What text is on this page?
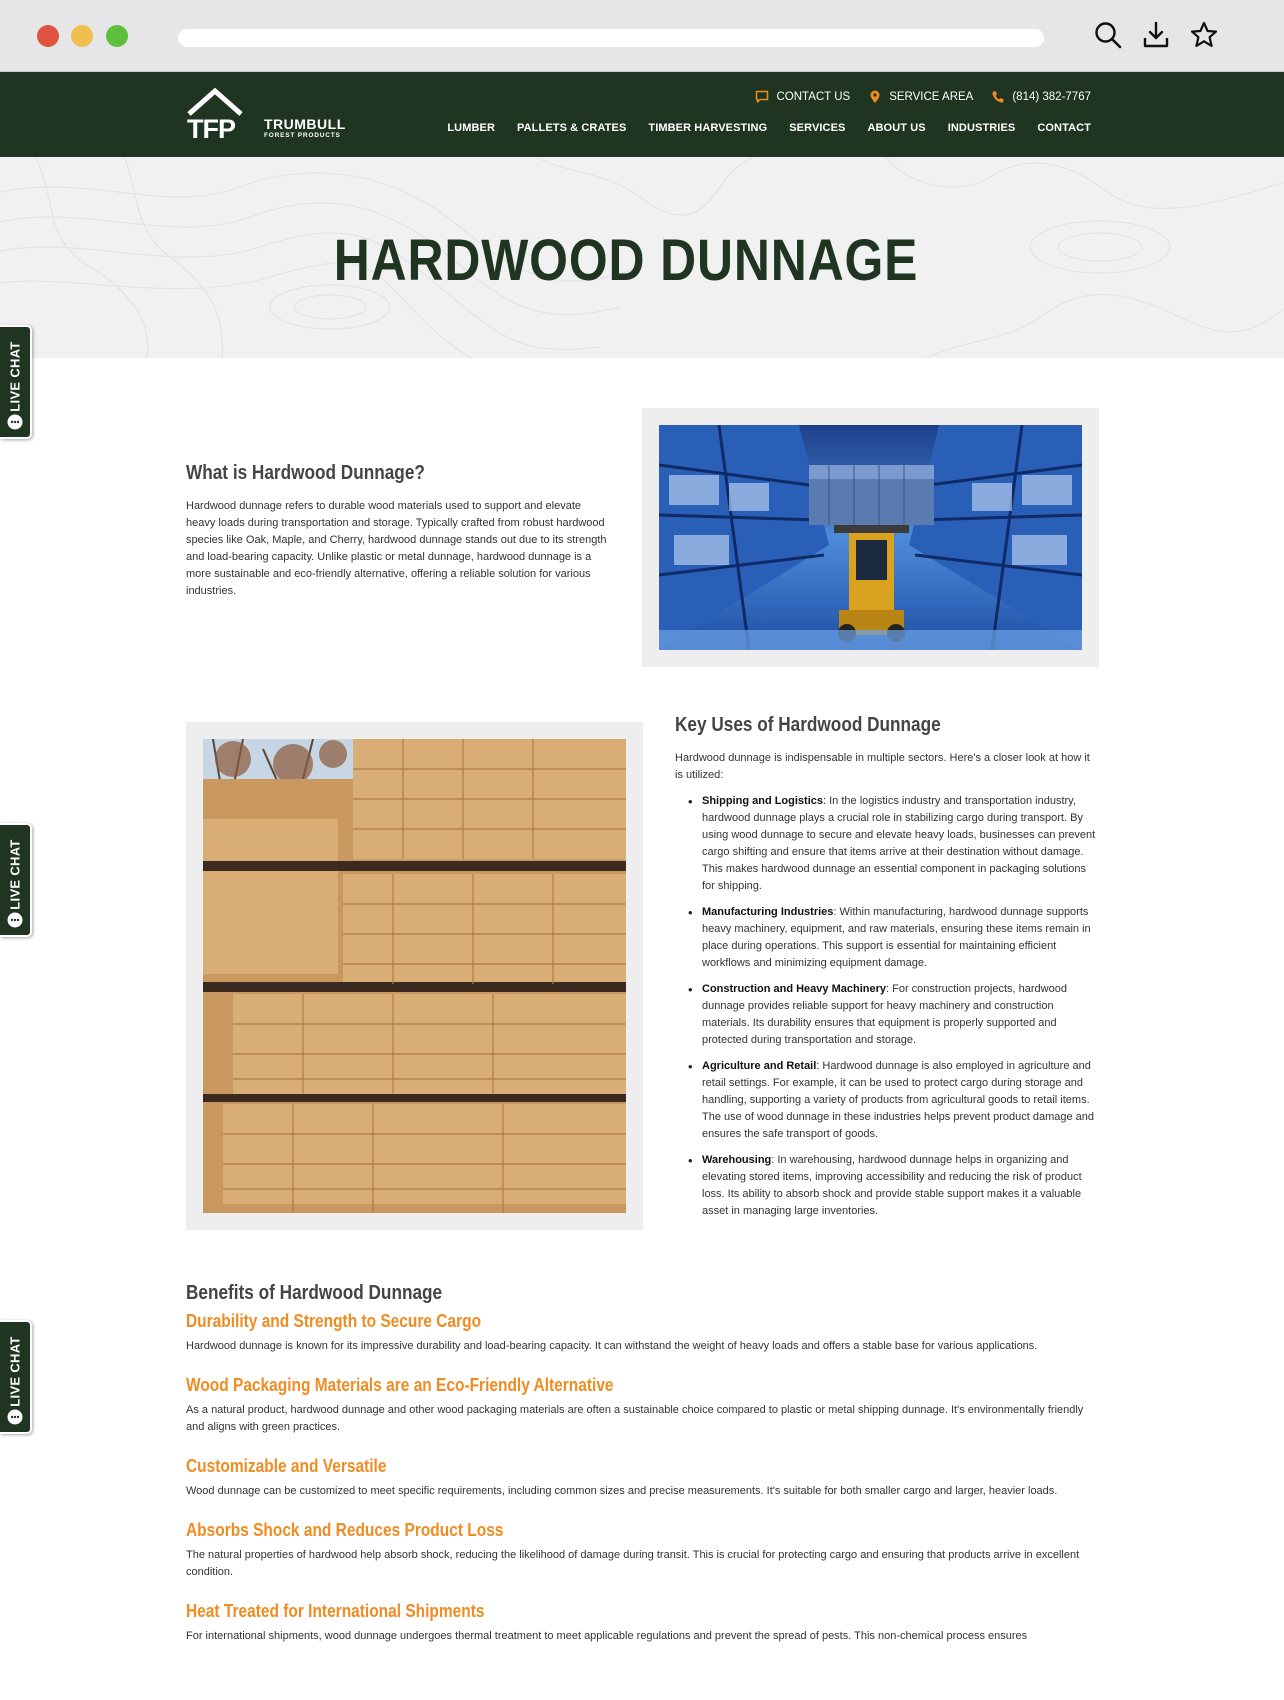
TFP TRUMBULL
FOREST PRODUCTS
CONTACT US	SERVICE AREA	(814) 382-7767
LUMBER PALLETS & CRATES TIMBER HARVESTING SERVICES ABOUT US INDUSTRIES CONTACT
HARDWOOD DUNNAGE
LIVE CHAT
LIVE CHAT
LIVE CHAT
What is Hardwood Dunnage?

Hardwood dunnage refers to durable wood materials used to support and elevate heavy loads during transportation and storage. Typically crafted from robust hardwood species like Oak, Maple, and Cherry, hardwood dunnage stands out due to its strength and load-bearing capacity. Unlike plastic or metal dunnage, hardwood dunnage is a more sustainable and eco-friendly alternative, offering a reliable solution for various industries.

Key Uses of Hardwood Dunnage

Hardwood dunnage is indispensable in multiple sectors. Here's a closer look at how it is utilized:

• Shipping and Logistics: In the logistics industry and transportation industry, hardwood dunnage plays a crucial role in stabilizing cargo during transport. By using wood dunnage to secure and elevate heavy loads, businesses can prevent cargo shifting and ensure that items arrive at their destination without damage. This makes hardwood dunnage an essential component in packaging solutions for shipping.
• Manufacturing Industries: Within manufacturing, hardwood dunnage supports heavy machinery, equipment, and raw materials, ensuring these items remain in place during operations. This support is essential for maintaining efficient workflows and minimizing equipment damage.
• Construction and Heavy Machinery: For construction projects, hardwood dunnage provides reliable support for heavy machinery and construction materials. Its durability ensures that equipment is properly supported and protected during transportation and storage.
• Agriculture and Retail: Hardwood dunnage is also employed in agriculture and retail settings. For example, it can be used to protect cargo during storage and handling, supporting a variety of products from agricultural goods to retail items. The use of wood dunnage in these industries helps prevent product damage and ensures the safe transport of goods.
• Warehousing: In warehousing, hardwood dunnage helps in organizing and elevating stored items, improving accessibility and reducing the risk of product loss. Its ability to absorb shock and provide stable support makes it a valuable asset in managing large inventories.
Benefits of Hardwood Dunnage
Durability and Strength to Secure Cargo

Hardwood dunnage is known for its impressive durability and load-bearing capacity. It can withstand the weight of heavy loads and offers a stable base for various applications.

Wood Packaging Materials are an Eco-Friendly Alternative

As a natural product, hardwood dunnage and other wood packaging materials are often a sustainable choice compared to plastic or metal shipping dunnage. It's environmentally friendly and aligns with green practices.

Customizable and Versatile

Wood dunnage can be customized to meet specific requirements, including common sizes and precise measurements. It's suitable for both smaller cargo and larger, heavier loads.

Absorbs Shock and Reduces Product Loss

The natural properties of hardwood help absorb shock, reducing the likelihood of damage during transit. This is crucial for protecting cargo and ensuring that products arrive in excellent condition.

Heat Treated for International Shipments

For international shipments, wood dunnage undergoes thermal treatment to meet applicable regulations and prevent the spread of pests. This non-chemical process ensures
